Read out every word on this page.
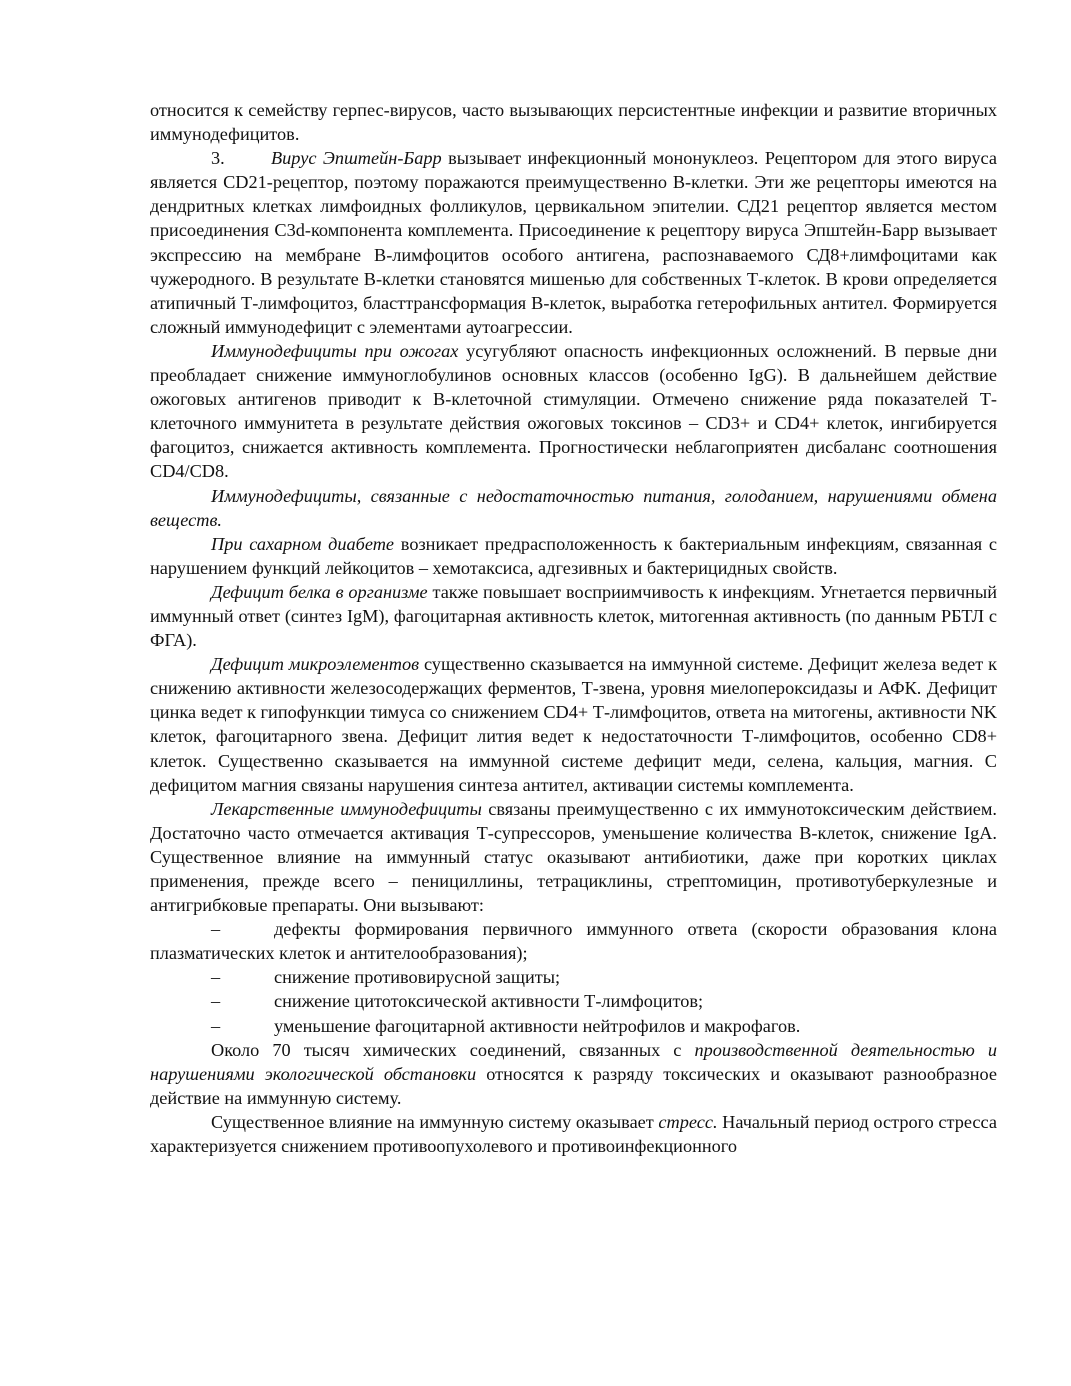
относится к семейству герпес-вирусов, часто вызывающих персистентные инфекции и развитие вторичных иммунодефицитов.

3.	Вирус Эпштейн-Барр вызывает инфекционный мононуклеоз. Рецептором для этого вируса является CD21-рецептор, поэтому поражаются преимущественно В-клетки. Эти же рецепторы имеются на дендритных клетках лимфоидных фолликулов, цервикальном эпителии. СД21 рецептор является местом присоединения С3d-компонента комплемента. Присоединение к рецептору вируса Эпштейн-Барр вызывает экспрессию на мембране В-лимфоцитов особого антигена, распознаваемого СД8+лимфоцитами как чужеродного. В результате В-клетки становятся мишенью для собственных Т-клеток. В крови определяется атипичный Т-лимфоцитоз, бласттрансформация В-клеток, выработка гетерофильных антител. Формируется сложный иммунодефицит с элементами аутоагрессии.

Иммунодефициты при ожогах усугубляют опасность инфекционных осложнений. В первые дни преобладает снижение иммуноглобулинов основных классов (особенно IgG). В дальнейшем действие ожоговых антигенов приводит к В-клеточной стимуляции. Отмечено снижение ряда показателей Т-клеточного иммунитета в результате действия ожоговых токсинов – CD3+ и CD4+ клеток, ингибируется фагоцитоз, снижается активность комплемента. Прогностически неблагоприятен дисбаланс соотношения CD4/CD8.

Иммунодефициты, связанные с недостаточностью питания, голоданием, нарушениями обмена веществ.

При сахарном диабете возникает предрасположенность к бактериальным инфекциям, связанная с нарушением функций лейкоцитов – хемотаксиса, адгезивных и бактерицидных свойств.

Дефицит белка в организме также повышает восприимчивость к инфекциям. Угнетается первичный иммунный ответ (синтез IgM), фагоцитарная активность клеток, митогенная активность (по данным РБТЛ с ФГА).

Дефицит микроэлементов существенно сказывается на иммунной системе. Дефицит железа ведет к снижению активности железосодержащих ферментов, Т-звена, уровня миелопероксидазы и АФК. Дефицит цинка ведет к гипофункции тимуса со снижением CD4+ Т-лимфоцитов, ответа на митогены, активности NK клеток, фагоцитарного звена. Дефицит лития ведет к недостаточности Т-лимфоцитов, особенно CD8+ клеток. Существенно сказывается на иммунной системе дефицит меди, селена, кальция, магния. С дефицитом магния связаны нарушения синтеза антител, активации системы комплемента.

Лекарственные иммунодефициты связаны преимущественно с их иммунотоксическим действием. Достаточно часто отмечается активация Т-супрессоров, уменьшение количества В-клеток, снижение IgA. Существенное влияние на иммунный статус оказывают антибиотики, даже при коротких циклах применения, прежде всего – пенициллины, тетрациклины, стрептомицин, противотуберкулезные и антигрибковые препараты. Они вызывают:

–	дефекты формирования первичного иммунного ответа (скорости образования клона плазматических клеток и антителообразования);

–	снижение противовирусной защиты;

–	снижение цитотоксической активности Т-лимфоцитов;

–	уменьшение фагоцитарной активности нейтрофилов и макрофагов.

Около 70 тысяч химических соединений, связанных с производственной деятельностью и нарушениями экологической обстановки относятся к разряду токсических и оказывают разнообразное действие на иммунную систему.

Существенное влияние на иммунную систему оказывает стресс. Начальный период острого стресса характеризуется снижением противоопухолевого и противоинфекционного
